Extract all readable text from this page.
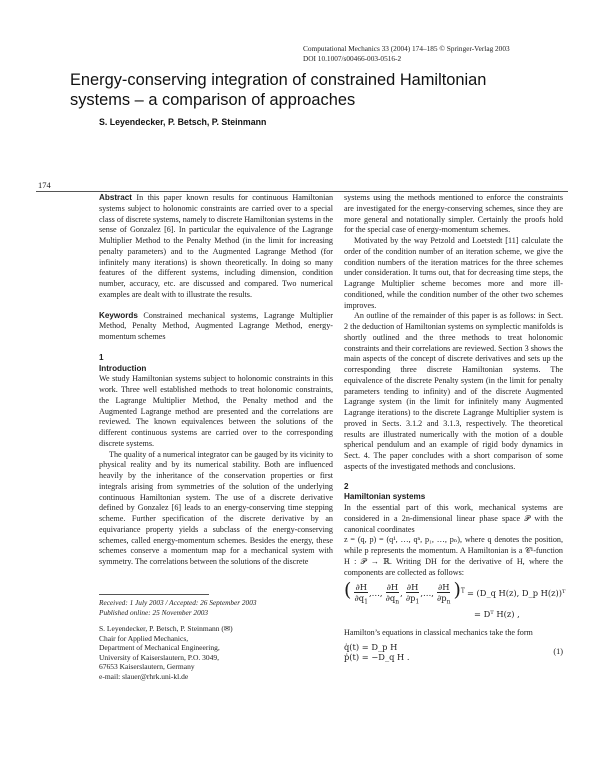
Computational Mechanics 33 (2004) 174–185 © Springer-Verlag 2003
DOI 10.1007/s00466-003-0516-2
Energy-conserving integration of constrained Hamiltonian
systems – a comparison of approaches
S. Leyendecker, P. Betsch, P. Steinmann
174

Abstract In this paper known results for continuous Hamiltonian systems subject to holonomic constraints are carried over to a special class of discrete systems, namely to discrete Hamiltonian systems in the sense of Gonzalez [6]. In particular the equivalence of the Lagrange Multiplier Method to the Penalty Method (in the limit for increasing penalty parameters) and to the Augmented Lagrange Method (for infinitely many iterations) is shown theoretically. In doing so many features of the different systems, including dimension, condition number, accuracy, etc. are discussed and compared. Two numerical examples are dealt with to illustrate the results.

Keywords Constrained mechanical systems, Lagrange Multiplier Method, Penalty Method, Augmented Lagrange Method, energy-momentum schemes

1
Introduction

We study Hamiltonian systems subject to holonomic constraints in this work. Three well established methods to treat holonomic constraints, the Lagrange Multiplier Method, the Penalty method and the Augmented Lagrange method are presented and the correlations are reviewed. The known equivalences between the solutions of the different continuous systems are carried over to the corresponding discrete systems.

The quality of a numerical integrator can be gauged by its vicinity to physical reality and by its numerical stability. Both are influenced heavily by the inheritance of the conservation properties or first integrals arising from symmetries of the solution of the underlying continuous Hamiltonian system. The use of a discrete derivative defined by Gonzalez [6] leads to an energy-conserving time stepping scheme. Further specification of the discrete derivative by an equivariance property yields a subclass of the energy-conserving schemes, called energy-momentum schemes. Besides the energy, these schemes conserve a momentum map for a mechanical system with symmetry. The correlations between the solutions of the discrete

Received: 1 July 2003 / Accepted: 26 September 2003
Published online: 25 November 2003
S. Leyendecker, P. Betsch, P. Steinmann (✉)
Chair for Applied Mechanics,
Department of Mechanical Engineering,
University of Kaiserslautern, P.O. 3049,
67653 Kaiserslautern, Germany
e-mail: slauer@rhrk.uni-kl.de

systems using the methods mentioned to enforce the constraints are investigated for the energy-conserving schemes, since they are more general and notationally simpler. Certainly the proofs hold for the special case of energy-momentum schemes.

Motivated by the way Petzold and Loetstedt [11] calculate the order of the condition number of an iteration scheme, we give the condition numbers of the iteration matrices for the three schemes under consideration. It turns out, that for decreasing time steps, the Lagrange Multiplier scheme becomes more and more ill-conditioned, while the condition number of the other two schemes improves.

An outline of the remainder of this paper is as follows: in Sect. 2 the deduction of Hamiltonian systems on symplectic manifolds is shortly outlined and the three methods to treat holonomic constraints and their correlations are reviewed. Section 3 shows the main aspects of the concept of discrete derivatives and sets up the corresponding three discrete Hamiltonian systems. The equivalence of the discrete Penalty system (in the limit for penalty parameters tending to infinity) and of the discrete Augmented Lagrange system (in the limit for infinitely many Augmented Lagrange iterations) to the discrete Lagrange Multiplier system is proved in Sects. 3.1.2 and 3.1.3, respectively. The theoretical results are illustrated numerically with the motion of a double spherical pendulum and an example of rigid body dynamics in Sect. 4. The paper concludes with a short comparison of some aspects of the investigated methods and conclusions.

2
Hamiltonian systems

In the essential part of this work, mechanical systems are considered in a 2n-dimensional linear phase space 𝒫 with the canonical coordinates

z = (q, p) = (q¹, …, qⁿ, p₁, …, pₙ), where q denotes the position, while p represents the momentum. A Hamiltonian is a 𝒞¹-function H : 𝒫 → ℝ. Writing DH for the derivative of H, where the components are collected as follows:

( $\frac{\partial H}{\partial q_1}$ ,…, $\frac{\partial H}{\partial q_n}$ , $\frac{\partial H}{\partial p_1}$ ,…, $\frac{\partial H}{\partial p_n} )^T$ = (D_q H(z), D_p H(z))ᵀ
= Dᵀ H(z) ,

Hamilton’s equations in classical mechanics take the form

q̇(t) = D_p H
ṗ(t) = −D_q H .
(1)
